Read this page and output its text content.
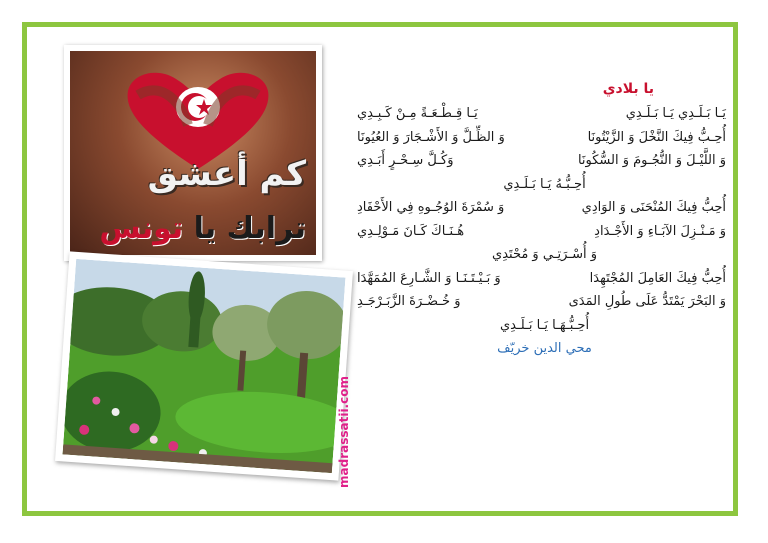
كم أعشق
ترابك يا تونس
يا بلادي
يَـا بَـلَـدِي يَـا بَـلَـدِي
يَـا قِـطْـعَـةً مِـنْ كَـبِـدِي
أُحِـبُّ فِيكَ النَّخْلَ وَ الزَّيْتُونَا
وَ الظِّـلَّ وَ الأَشْـجَارَ وَ العُيُونَا
وَ اللَّيْـلَ وَ النُّجُـومَ وَ السُّكُونَا
وَكُـلَّ سِـحْـرٍ أَبَـدِي
أُحِـبُّـهُ يَـا بَـلَـدِي
أُحِبُّ فِيكَ المُنْحَنَى وَ الوَادِي
وَ سُمْرَةَ الوُجُـوهِ فِي الأَحْفَادِ
وَ مَـنْـزِلَ الآبَـاءِ وَ الأَجْـدَادِ
هُـنَـاكَ كَـانَ مَـوْلِـدِي
وَ أُسْـرَتِـي وَ مُحْتَدِي
أُحِبُّ فِيكَ العَامِلَ المُجْتَهِدَا
وَ بَـيْـتَـنَـا وَ الشَّـارِعَ المُمَهَّدَا
وَ البَحْرَ يَمْتَدُّ عَلَى طُولِ المَدَى
وَ خُـضْـرَةَ الزَّبَـرْجَـدِ
أُحِـبُّـهَـا يَـا بَـلَـدِي
محي الدين خريّف
madrassatii.com
